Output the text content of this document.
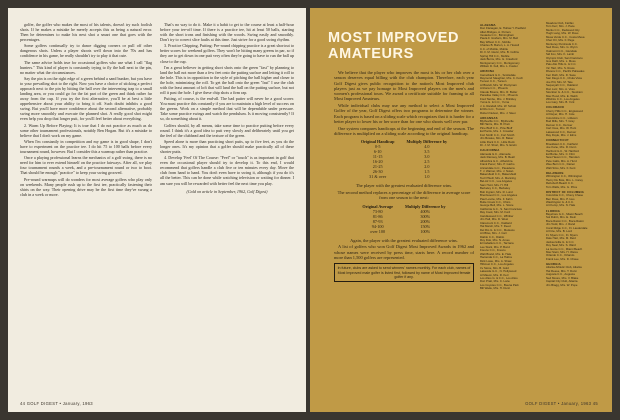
golfer, the golfer who makes the most of his talents, doesn't try such foolish shots. If he makes a mistake he merely accepts this as being a natural error. Then he determines to make his next shot a smart one that goes with the percentages.

Some golfers continually try to dance digging corners or pull off other dangerous shots. Unless a player shoots well down into the 70s and has confidence in his game, he really shouldn't try to play it that cute.

The same advice holds true for occasional golfers who use what I call "flag hunters." This kind of player is constantly trying to fly the ball next to the pin, no matter what the circumstances.

Say the pin is on the right edge of a green behind a sand bunker, but you have to your prevailing shot to the right. Now you have a choice of sticking a perfect approach next to the pin by hitting the ball over the intervening trap to a small landing area, or you could go for the fat part of the green and think rather far away from the cup. If you try the first alternative, you'll be at best a little apprehensive about your ability to bring it off. Such doubt inhibits a good swing. But you'll have more confidence about the second alternative, probably swing more smoothly and execute the planned shot. A really good shot might even help you drop that longer putt, for you'll feel better about everything.

2. Warm Up Before Playing: It is true that I do not practice as much as do some other tournament professionals, notably Ben Hogan. But it's a mistake to believe that I don't work on my game.

When I'm constantly in competition and my game is in good shape, I don't have to experiment on the practice tee. I do hit 75 to 100 balls before every tournament round, however. But I consider this a warmup rather than practice.

Once a playing professional learns the mechanics of a golf swing, there is no need for him to ever extend himself on the practice fairways. After all, we play four tournament rounds a week, and a pre-tournament round or two to boot. That should be enough "practice" to keep your swing grooved.

Pre-round warmups will do wonders for most average golfers who play only on weekends. Many people rush up to the first tee, practically fastening their shirts on the way. Their opening drive may be the first time they've swung a club in a week or more.

That's no way to do it. Make it a habit to get to the course at least a half-hour before your tee-off time. If there is a practice tee, hit at least 50 balls, starting with the short irons and finishing with the woods. Swing easily and smoothly. Don't try to correct slice faults at this time. Just strive for a good swing rhythm.

3. Practice Chipping, Putting: Pre-round chipping practice is a great shortcut to better scores for weekend golfers. They won't be hitting many greens in par, so if they are to get down in one putt very often they're going to have to run the ball up close to the cup.

I'm a great believer in getting short shots onto the green "fast" by planning to land the ball not more than a few feet onto the putting surface and letting it roll to the hole. This is in opposition to the style of pitching the ball higher and closer to the hole, minimizing the roll. To get the ball onto the green "fast" I use the club with the least amount of loft that will land the ball on the putting surface, but not roll it past the hole. I give these chip shots a firm rap.

Putting, of course, is the end-all. The bad putter will never be a good scorer. You must practice this constantly if you are to maintain a high level of success on the greens. Work on a simple method that will be dependable under pressure. Take some practice swings and watch the pendulum. Is it moving consistently? If so, do something about it.

Golfers should, by all means, take some time to practice putting before every round. I think it's a good idea to putt very slowly and deliberately until you get the feel of the clubhead and the texture of the green.

Speed alone is more than practicing short putts, up to five feet, as you do the longer ones. It's my opinion that a golfer should make practically all of these shorter putts.

4. Develop 'Feel' Of The Course: "Feel" or "touch" is as important in golf that even the occasional player should try to develop it. To this end, I would recommend that golfers handle a club five or ten minutes every day. Move the club from hand to hand. You don't even have to swing it, although if you do it's all the better. This can be done while watching television or waiting for dinner. I am sure you will be rewarded with better feel the next time you play.

(Gold on article in September, 1962, Golf Digest)

44 GOLF DIGEST • January, 1963
MOST IMPROVED
AMATEURS

We believe that the player who improves the most is his or her club over a season deserves equal billing with the club champion. Therefore, each year Golf Digest gives public recognition to the nation's Most Improved club players just as we pay homage to Most Improved players on the men's and women's professional tours. We award a certificate suitable for framing to all Most Improved Amateurs.

While individual clubs may use any method to select a Most Improved Golfer of the year, Golf Digest offers two programs to determine the winner. Each program is based on a sliding scale which recognizes that it is harder for a better player to lower his or her score than for one who shoots well over par.

One system compares handicaps at the beginning and end of the season. The difference is multiplied on a sliding scale according to the original handicap.

Original Handicap	Multiply Difference by
0-5	4.0
6-10	3.5
11-15	3.0
16-20	2.5
21-25	2.0
26-30	1.5
31 & over	1.0

The player with the greatest evaluated difference wins.

The second method replaces a percentage of the difference in average score from one season to the next:

Original Average	Multiply Difference by
73-80	400%
81-86	300%
87-93	200%
94-100	150%
over 100	100%

Again, the player with the greatest evaluated difference wins.

A list of golfers who won Golf Digest Most Improved Awards in 1962 and whose names were received by press time, starts here. A record number of more than 1,500 golfers are represented.

In future, clubs are asked to send winners' names monthly. For each club, names of Most Improved male golfer is listed first, followed by name of Most Improved female golfer if any.
ALABAMA
Don Flanagan, E. Hollow Y. Piedfeld
Allan Bridges, A. Porters
Vestavia C.C., Birmingham
Paula F. Graham, Mrs. M. Bell
Bay Wilson C.C., Mobile
Charles B. Burton, L. A. Howell
C.C. of Mobile, Mobile
Dr. F. M. Glenn, Mrs. B. Collins
Spring Hill C.C., Mobile
Jack Burns, Mrs. G. Crawford
Montgomery C.C., Montgomery
William D. Fell, Mrs. L. Fowler
ARIZONA
Camelback G.C., Scottsdale
Raymond Slaughter, Mrs. C. Koch
Tucson C.C., Tucson
Al Brandt, Mrs. W. Prettyman
Arizona C.C., Phoenix
Claude Bivens, Mrs. R. Butler
Paradise Valley C.C., Phoenix
Fred Tambe, Mrs. J. Brinkley
Yuma G. & C.C., Yuma
J. A. Randall, Mrs. W. Schott
El Rio G.C., Tucson
Robert Nelson, Mrs. J. Sleet
ARKANSAS
Blytheville C.C., Blytheville
Bill Harris, Mrs. B. Pratt
Pine Bluff C.C., Pine Bluff
Ed Harris, Mrs. J. Crowder
Fort Smith C.C., Fort Smith
Jim Bowles, Mrs. R. Baker
Little Rock C.C., Little Rock
Dr. J. M. Short, Mrs. S. Erwin
CALIFORNIA
Alameda G.C., Alameda
Jack Ramsey, Mrs. B. Beall
Alhambra G.C., Alhambra
Frank Perez, Mrs. P. Garbo
Annandale G.C., Pasadena
T. J. Warner, Mrs. J. Nolan
Bakersfield C.C., Bakersfield
Ted O'Neill, Mrs. A. Manning
Bel-Air C.C., Los Angeles
Sam Hunt, Mrs. H. Hill
Berkeley C.C., Berkeley
Bob Ingram, Mrs. R. Lund
Brentwood C.C., Los Angeles
Paul Levine, Mrs. F. Kahn
Butte Creek C.C., Chico
George Bell, Mrs. L. Stone
California G.C., S. San Francisco
Ray Cook, Mrs. M. Ford
Candlewood C.C., Whittier
Jim Hall, Mrs. D. West
Claremont C.C., Oakland
Hal Marsh, Mrs. T. Reed
Del Rio G. & C.C., Modesto
Art Bliss, Mrs. J. Carr
Diablo C.C., Diablo
Roy Fisk, Mrs. N. Ames
El Caballero C.C., Tarzana
Lee Stark, Mrs. P. Bond
Fresno C.C., Fresno
Walt Brand, Mrs. E. Hale
Hacienda C.C., La Habra
Dick Lowe, Mrs. A. Shaw
Hillcrest C.C., Los Angeles
Irv Stone, Mrs. B. Gold
Lakeside G.C., N. Hollywood
Al Mason, Mrs. R. Kerr
Los Altos G. & C.C., Los Altos
Don Pratt, Mrs. C. Lane
Los Coyotes C.C., Buena Park
Bill Wade, Mrs. H. Dunn
Meadow Club, Fairfax
Tom Kerr, Mrs. J. Pace
Menlo C.C., Redwood City
Hugh Lang, Mrs. W. Ross
Mesa Verde C.C., Costa Mesa
Chet Orr, Mrs. F. Page
Monterey Peninsula C.C.
Ned Ross, Mrs. G. Wynn
Oakmont C.C., Glendale
Sid Fox, Mrs. K. Lamb
Olympic Club, San Francisco
Gus Dahl, Mrs. L. Moss
Palo Alto Hills G. & C.C.
Vic Hart, Mrs. S. Rowe
Riviera C.C., Pacific Palisades
Ken Roth, Mrs. D. Saxe
San Diego C.C., Chula Vista
Joe Pitt, Mrs. M. Tate
Sequoyah C.C., Oakland
Ron Lutz, Mrs. A. Voss
Stockton G. & C.C., Stockton
Max Hood, Mrs. E. Webb
Wilshire C.C., Los Angeles
Lou Gary, Mrs. B. York
COLORADO
Cherry Hills C.C., Englewood
Al Dwyer, Mrs. H. Cole
Columbine C.C., Littleton
Bud Mills, Mrs. T. Gray
Denver C.C., Denver
Carl Voss, Mrs. W. Hunt
Lakewood C.C., Denver
Ray Doyle, Mrs. J. Elms
CONNECTICUT
Brooklawn C.C., Fairfield
Joe Kane, Mrs. R. Dunn
Hartford G.C., W. Hartford
Ed Burke, Mrs. C. Flint
New Haven C.C., Hamden
Pete Gallo, Mrs. A. Hurd
Wee Burn C.C., Darien
Walt Sims, Mrs. F. Kent
DELAWARE
Wilmington C.C., Wilmington
Henry Du Bois, Mrs. L. Carey
Rehoboth Beach C.C.
Tom Walls, Mrs. G. Price
DISTRICT OF COLUMBIA
Columbia C.C., Chevy Chase
Ben Ross, Mrs. P. Ives
Washington G. & C.C.
Art Kemp, Mrs. N. Hale
FLORIDA
Bayshore G.C., Miami Beach
Sol Rubin, Mrs. E. Klein
Boca Raton C.C., Boca Raton
Jim Todd, Mrs. J. Rand
Coral Ridge C.C., Ft. Lauderdale
Al Fine, Mrs. B. Lord
Ft. Myers C.C., Ft. Myers
Dale Hart, Mrs. M. Reid
Jacksonville G. & C.C.
Roy Neal, Mrs. S. Ward
La Gorce C.C., Miami Beach
Max Stein, Mrs. H. Weiss
Orlando C.C., Orlando
Frank Lee, Mrs. D. Chase
GEORGIA
Atlanta Athletic Club, Atlanta
Hal Reese, Mrs. T. Dunn
Augusta C.C., Augusta
Ned Moore, Mrs. V. Blake
Capital City Club, Atlanta
Jim Bragg, Mrs. W. Pope
GOLF DIGEST • January, 1963 45
